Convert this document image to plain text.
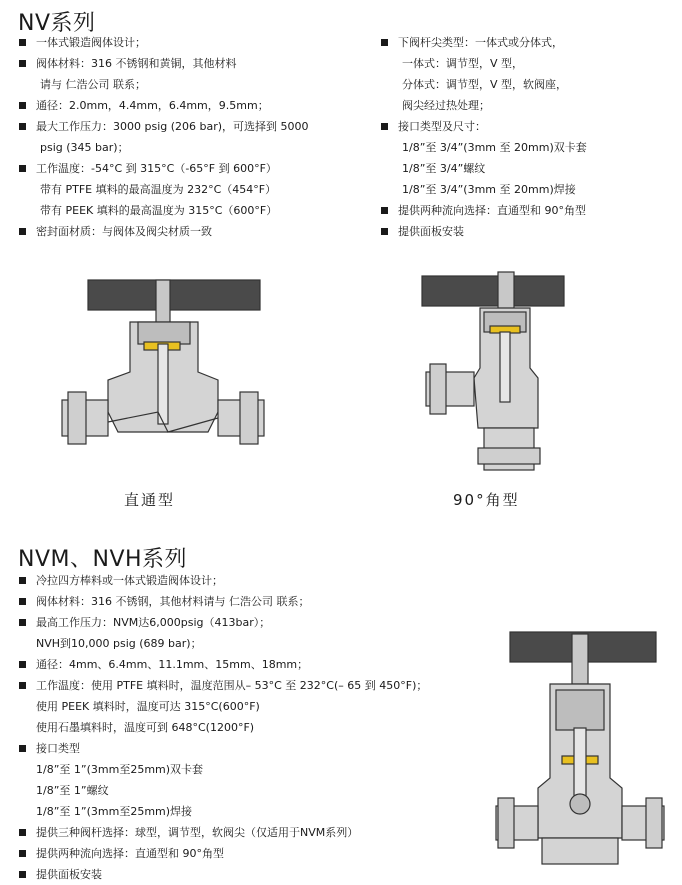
NV系列
一体式锻造阀体设计；
阀体材料：316 不锈钢和黄铜，其他材料
请与 仁浩公司 联系；
通径：2.0mm，4.4mm，6.4mm，9.5mm；
最大工作压力：3000 psig (206 bar)，可选择到 5000
psig (345 bar)；
工作温度：-54°C 到 315°C（-65°F 到 600°F）
带有 PTFE 填料的最高温度为 232°C（454°F）
带有 PEEK 填料的最高温度为 315°C（600°F）
密封面材质：与阀体及阀尖材质一致
下阀杆尖类型：一体式或分体式，
一体式：调节型，V 型，
分体式：调节型，V 型，软阀座，
阀尖经过热处理；
接口类型及尺寸：
1/8”至 3/4”(3mm 至 20mm)双卡套
1/8”至 3/4”螺纹
1/8”至 3/4”(3mm 至 20mm)焊接
提供两种流向选择：直通型和 90°角型
提供面板安装
直通型	90°角型
NVM、NVH系列
冷拉四方棒料或一体式锻造阀体设计；
阀体材料：316 不锈钢，其他材料请与 仁浩公司 联系；
最高工作压力：NVM达6,000psig（413bar）；
NVH到10,000 psig (689 bar)；
通径：4mm、6.4mm、11.1mm、15mm、18mm；
工作温度：使用 PTFE 填料时，温度范围从– 53°C 至 232°C(– 65 到 450°F)；
使用 PEEK 填料时，温度可达 315°C(600°F)
使用石墨填料时，温度可到 648°C(1200°F)
接口类型
1/8”至 1”(3mm至25mm)双卡套
1/8”至 1”螺纹
1/8”至 1”(3mm至25mm)焊接
提供三种阀杆选择：球型，调节型，软阀尖（仅适用于NVM系列）
提供两种流向选择：直通型和 90°角型
提供面板安装
